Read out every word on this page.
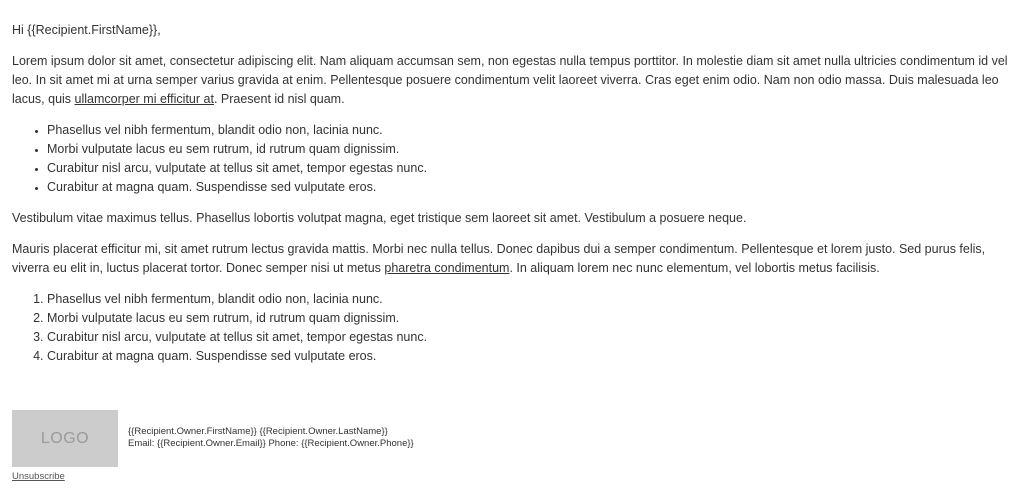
Hi {{Recipient.FirstName}},

Lorem ipsum dolor sit amet, consectetur adipiscing elit. Nam aliquam accumsan sem, non egestas nulla tempus porttitor. In molestie diam sit amet nulla ultricies condimentum id vel leo. In sit amet mi at urna semper varius gravida at enim. Pellentesque posuere condimentum velit laoreet viverra. Cras eget enim odio. Nam non odio massa. Duis malesuada leo lacus, quis ullamcorper mi efficitur at. Praesent id nisl quam.

• Phasellus vel nibh fermentum, blandit odio non, lacinia nunc.
• Morbi vulputate lacus eu sem rutrum, id rutrum quam dignissim.
• Curabitur nisl arcu, vulputate at tellus sit amet, tempor egestas nunc.
• Curabitur at magna quam. Suspendisse sed vulputate eros.

Vestibulum vitae maximus tellus. Phasellus lobortis volutpat magna, eget tristique sem laoreet sit amet. Vestibulum a posuere neque.

Mauris placerat efficitur mi, sit amet rutrum lectus gravida mattis. Morbi nec nulla tellus. Donec dapibus dui a semper condimentum. Pellentesque et lorem justo. Sed purus felis, viverra eu elit in, luctus placerat tortor. Donec semper nisi ut metus pharetra condimentum. In aliquam lorem nec nunc elementum, vel lobortis metus facilisis.

1. Phasellus vel nibh fermentum, blandit odio non, lacinia nunc.
2. Morbi vulputate lacus eu sem rutrum, id rutrum quam dignissim.
3. Curabitur nisl arcu, vulputate at tellus sit amet, tempor egestas nunc.
4. Curabitur at magna quam. Suspendisse sed vulputate eros.
LOGO	{{Recipient.Owner.FirstName}} {{Recipient.Owner.LastName}}
Email: {{Recipient.Owner.Email}} Phone: {{Recipient.Owner.Phone}}
Unsubscribe
